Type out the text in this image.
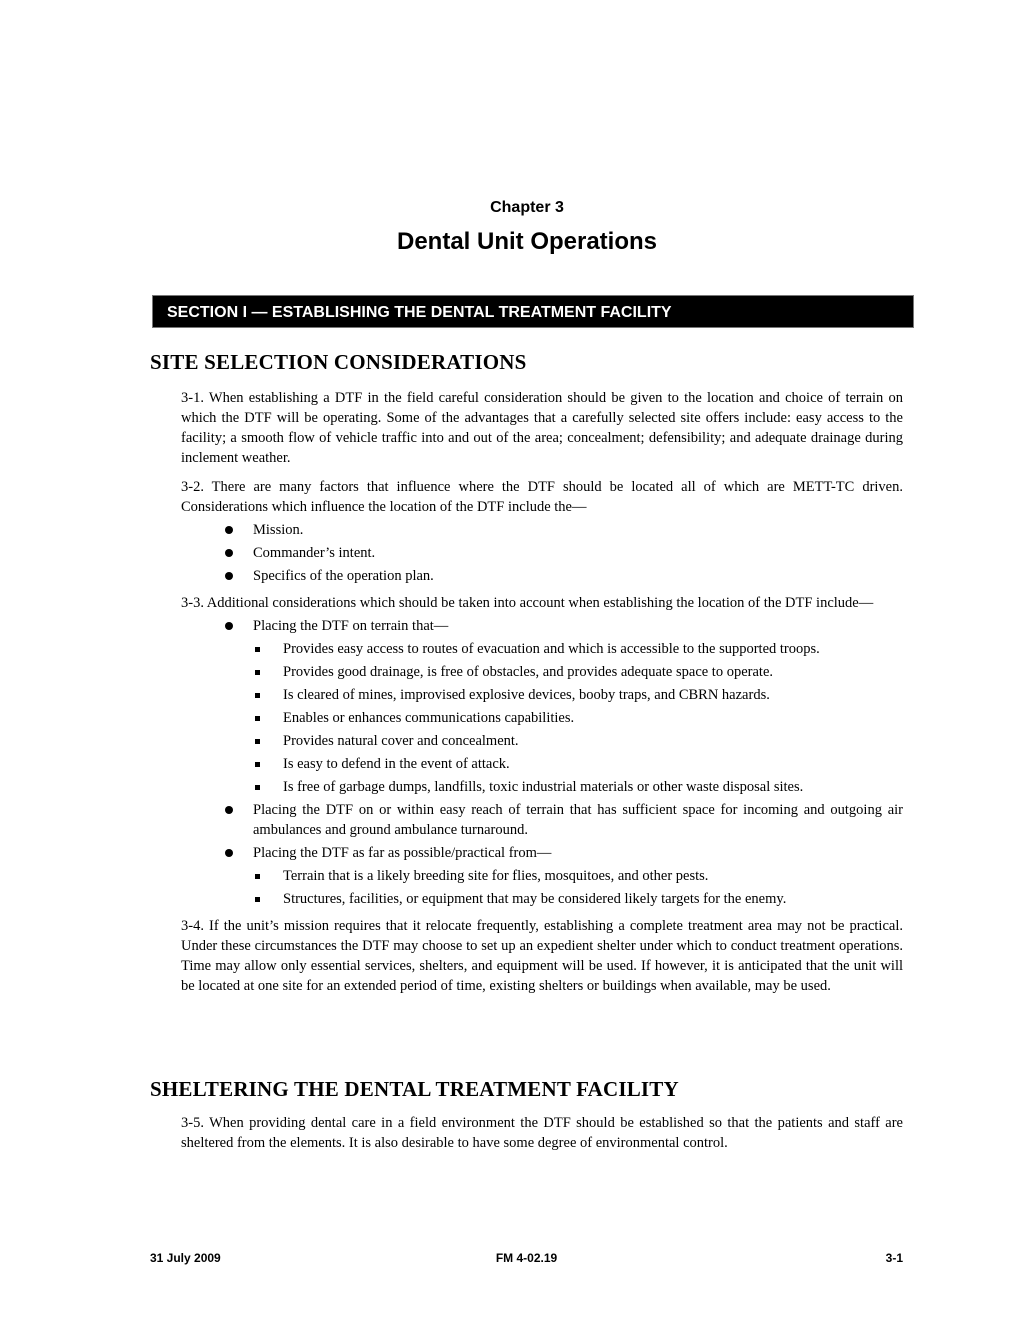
Chapter 3
Dental Unit Operations
SECTION I — ESTABLISHING THE DENTAL TREATMENT FACILITY
SITE SELECTION CONSIDERATIONS

3-1. When establishing a DTF in the field careful consideration should be given to the location and choice of terrain on which the DTF will be operating. Some of the advantages that a carefully selected site offers include: easy access to the facility; a smooth flow of vehicle traffic into and out of the area; concealment; defensibility; and adequate drainage during inclement weather.

3-2. There are many factors that influence where the DTF should be located all of which are METT-TC driven. Considerations which influence the location of the DTF include the—

Mission.
Commander’s intent.
Specifics of the operation plan.

3-3. Additional considerations which should be taken into account when establishing the location of the DTF include—

Placing the DTF on terrain that—
Provides easy access to routes of evacuation and which is accessible to the supported troops.
Provides good drainage, is free of obstacles, and provides adequate space to operate.
Is cleared of mines, improvised explosive devices, booby traps, and CBRN hazards.
Enables or enhances communications capabilities.
Provides natural cover and concealment.
Is easy to defend in the event of attack.
Is free of garbage dumps, landfills, toxic industrial materials or other waste disposal sites.
Placing the DTF on or within easy reach of terrain that has sufficient space for incoming and outgoing air ambulances and ground ambulance turnaround.
Placing the DTF as far as possible/practical from—
Terrain that is a likely breeding site for flies, mosquitoes, and other pests.
Structures, facilities, or equipment that may be considered likely targets for the enemy.

3-4. If the unit’s mission requires that it relocate frequently, establishing a complete treatment area may not be practical. Under these circumstances the DTF may choose to set up an expedient shelter under which to conduct treatment operations. Time may allow only essential services, shelters, and equipment will be used. If however, it is anticipated that the unit will be located at one site for an extended period of time, existing shelters or buildings when available, may be used.

SHELTERING THE DENTAL TREATMENT FACILITY

3-5. When providing dental care in a field environment the DTF should be established so that the patients and staff are sheltered from the elements. It is also desirable to have some degree of environmental control.

31 July 2009	FM 4-02.19	3-1
